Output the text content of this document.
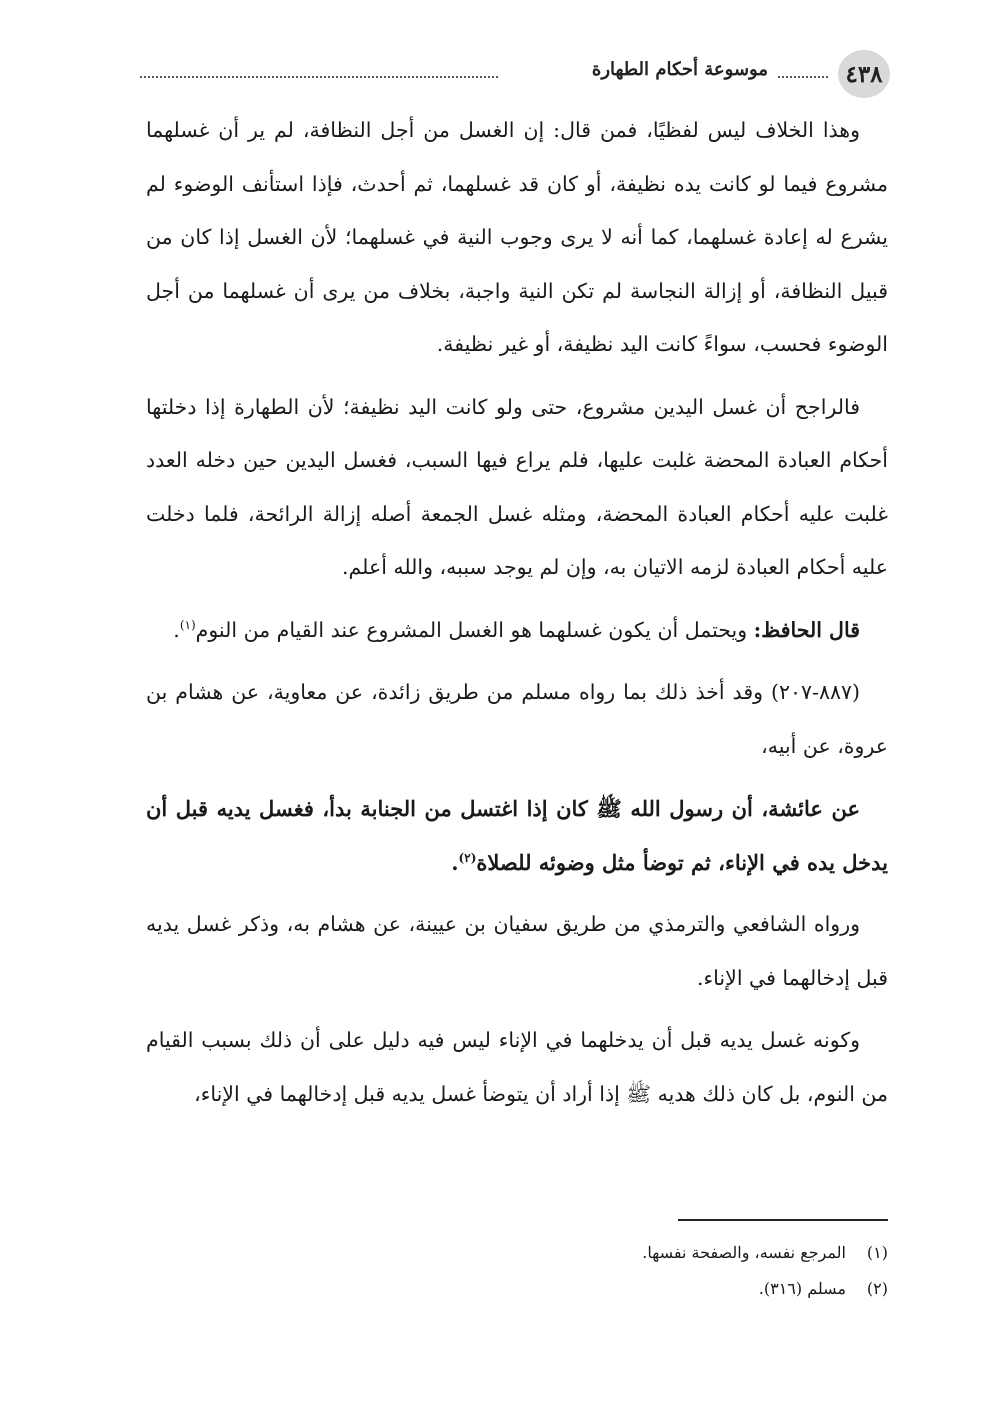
٤٣٨
موسوعة أحكام الطهارة

وهذا الخلاف ليس لفظيًا، فمن قال: إن الغسل من أجل النظافة، لم ير أن غسلهما مشروع فيما لو كانت يده نظيفة، أو كان قد غسلهما، ثم أحدث، فإذا استأنف الوضوء لم يشرع له إعادة غسلهما، كما أنه لا يرى وجوب النية في غسلهما؛ لأن الغسل إذا كان من قبيل النظافة، أو إزالة النجاسة لم تكن النية واجبة، بخلاف من يرى أن غسلهما من أجل الوضوء فحسب، سواءً كانت اليد نظيفة، أو غير نظيفة.

فالراجح أن غسل اليدين مشروع، حتى ولو كانت اليد نظيفة؛ لأن الطهارة إذا دخلتها أحكام العبادة المحضة غلبت عليها، فلم يراع فيها السبب، فغسل اليدين حين دخله العدد غلبت عليه أحكام العبادة المحضة، ومثله غسل الجمعة أصله إزالة الرائحة، فلما دخلت عليه أحكام العبادة لزمه الاتيان به، وإن لم يوجد سببه، والله أعلم.

قال الحافظ: ويحتمل أن يكون غسلهما هو الغسل المشروع عند القيام من النوم$^{(١)}$.

(٨٨٧-٢٠٧) وقد أخذ ذلك بما رواه مسلم من طريق زائدة، عن معاوية، عن هشام بن عروة، عن أبيه،

عن عائشة، أن رسول الله ﷺ كان إذا اغتسل من الجنابة بدأ، فغسل يديه قبل أن يدخل يده في الإناء، ثم توضأ مثل وضوئه للصلاة$^{(٢)}$.

ورواه الشافعي والترمذي من طريق سفيان بن عيينة، عن هشام به، وذكر غسل يديه قبل إدخالهما في الإناء.

وكونه غسل يديه قبل أن يدخلهما في الإناء ليس فيه دليل على أن ذلك بسبب القيام من النوم، بل كان ذلك هديه ﷺ إذا أراد أن يتوضأ غسل يديه قبل إدخالهما في الإناء،

(١)
المرجع نفسه، والصفحة نفسها.
(٢)
مسلم (٣١٦).
